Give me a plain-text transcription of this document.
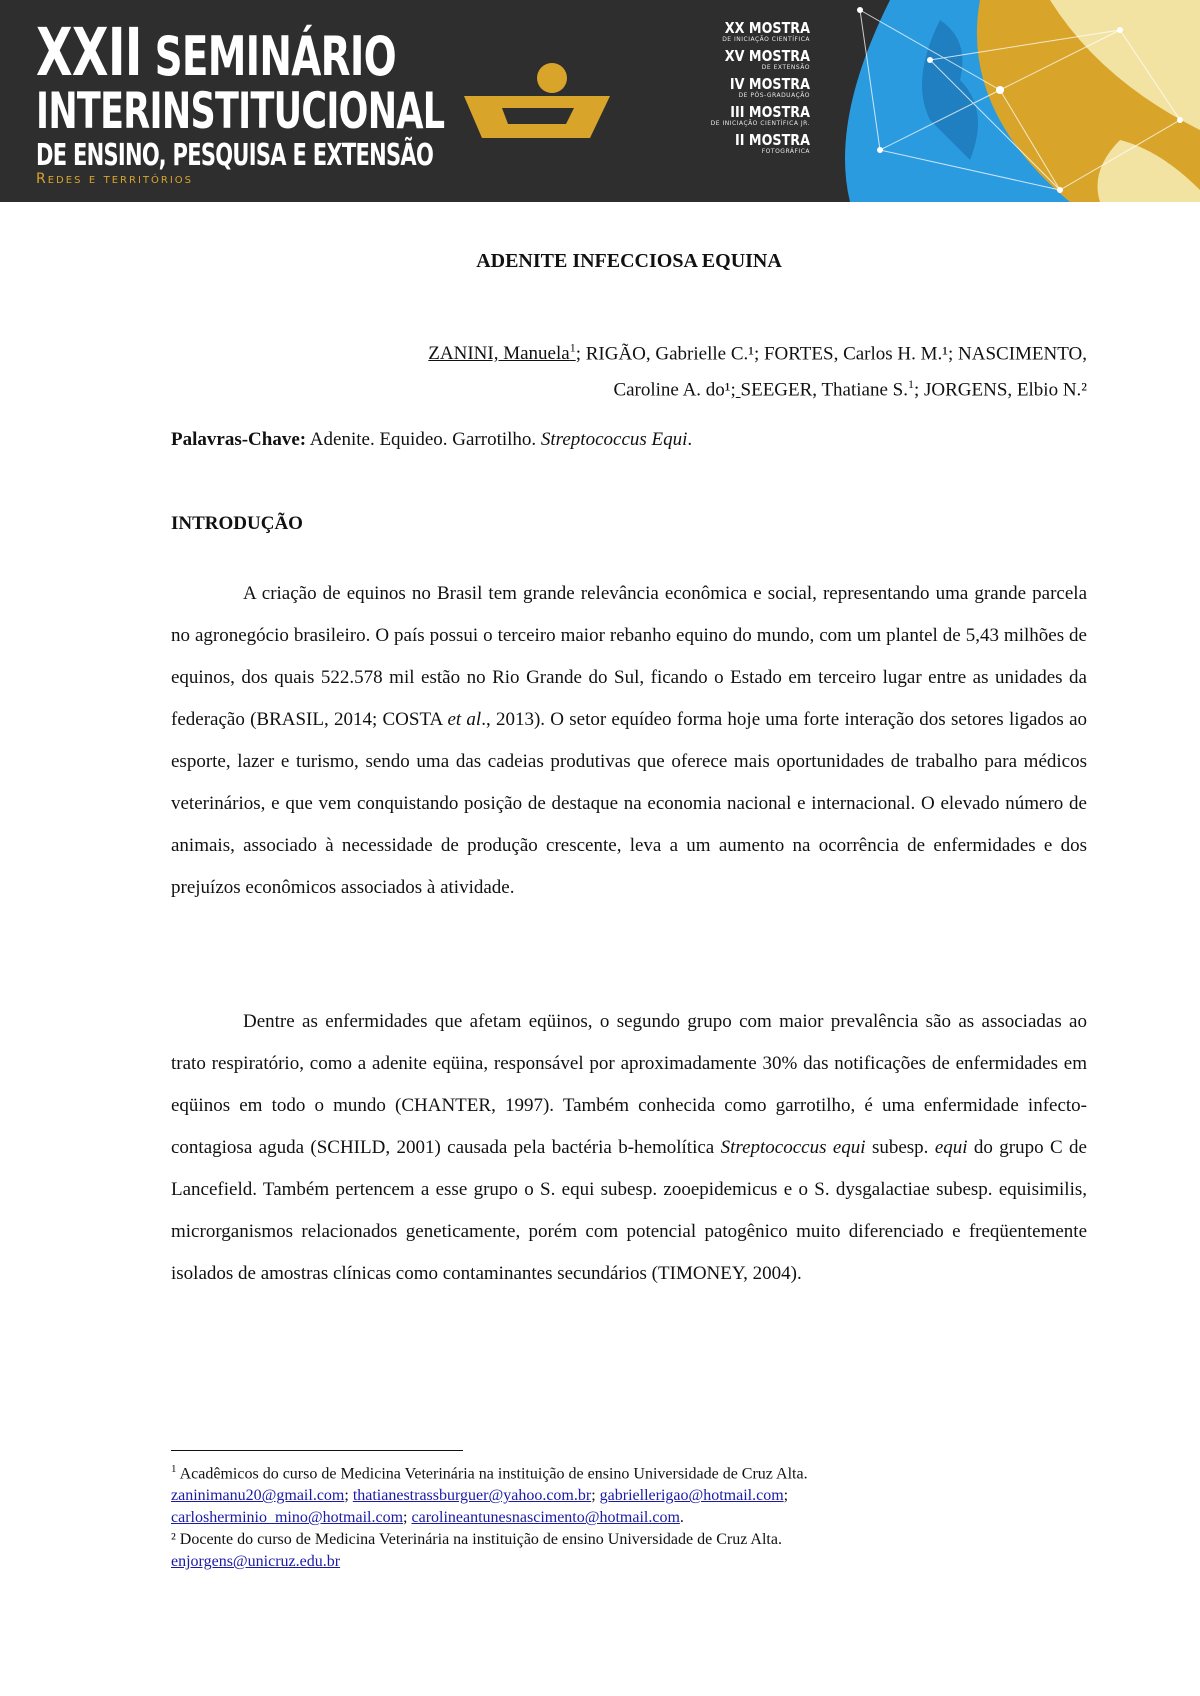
XXII SEMINÁRIO
INTERINSTITUCIONAL
DE ENSINO, PESQUISA E EXTENSÃO
Redes e territórios
XX MOSTRA
DE INICIAÇÃO CIENTÍFICA
XV MOSTRA
DE EXTENSÃO
IV MOSTRA
DE PÓS-GRADUAÇÃO
III MOSTRA
DE INICIAÇÃO CIENTÍFICA JR.
II MOSTRA
FOTOGRÁFICA
ADENITE INFECCIOSA EQUINA
ZANINI, Manuela$^1$; RIGÃO, Gabrielle C.¹; FORTES, Carlos H. M.¹; NASCIMENTO,
Caroline A. do¹; SEEGER, Thatiane S.$^1$; JORGENS, Elbio N.²
Palavras-Chave: Adenite. Equideo. Garrotilho. Streptococcus Equi.
INTRODUÇÃO

A criação de equinos no Brasil tem grande relevância econômica e social, representando uma grande parcela no agronegócio brasileiro. O país possui o terceiro maior rebanho equino do mundo, com um plantel de 5,43 milhões de equinos, dos quais 522.578 mil estão no Rio Grande do Sul, ficando o Estado em terceiro lugar entre as unidades da federação (BRASIL, 2014; COSTA et al., 2013). O setor equídeo forma hoje uma forte interação dos setores ligados ao esporte, lazer e turismo, sendo uma das cadeias produtivas que oferece mais oportunidades de trabalho para médicos veterinários, e que vem conquistando posição de destaque na economia nacional e internacional. O elevado número de animais, associado à necessidade de produção crescente, leva a um aumento na ocorrência de enfermidades e dos prejuízos econômicos associados à atividade.

Dentre as enfermidades que afetam eqüinos, o segundo grupo com maior prevalência são as associadas ao trato respiratório, como a adenite eqüina, responsável por aproximadamente 30% das notificações de enfermidades em eqüinos em todo o mundo (CHANTER, 1997). Também conhecida como garrotilho, é uma enfermidade infecto-contagiosa aguda (SCHILD, 2001) causada pela bactéria b-hemolítica Streptococcus equi subesp. equi do grupo C de Lancefield. Também pertencem a esse grupo o S. equi subesp. zooepidemicus e o S. dysgalactiae subesp. equisimilis, microrganismos relacionados geneticamente, porém com potencial patogênico muito diferenciado e freqüentemente isolados de amostras clínicas como contaminantes secundários (TIMONEY, 2004).

$^1$ Acadêmicos do curso de Medicina Veterinária na instituição de ensino Universidade de Cruz Alta.
zaninimanu20@gmail.com; thatianestrassburguer@yahoo.com.br; gabriellerigao@hotmail.com;
carlosherminio_mino@hotmail.com; carolineantunesnascimento@hotmail.com.
² Docente do curso de Medicina Veterinária na instituição de ensino Universidade de Cruz Alta.
enjorgens@unicruz.edu.br
